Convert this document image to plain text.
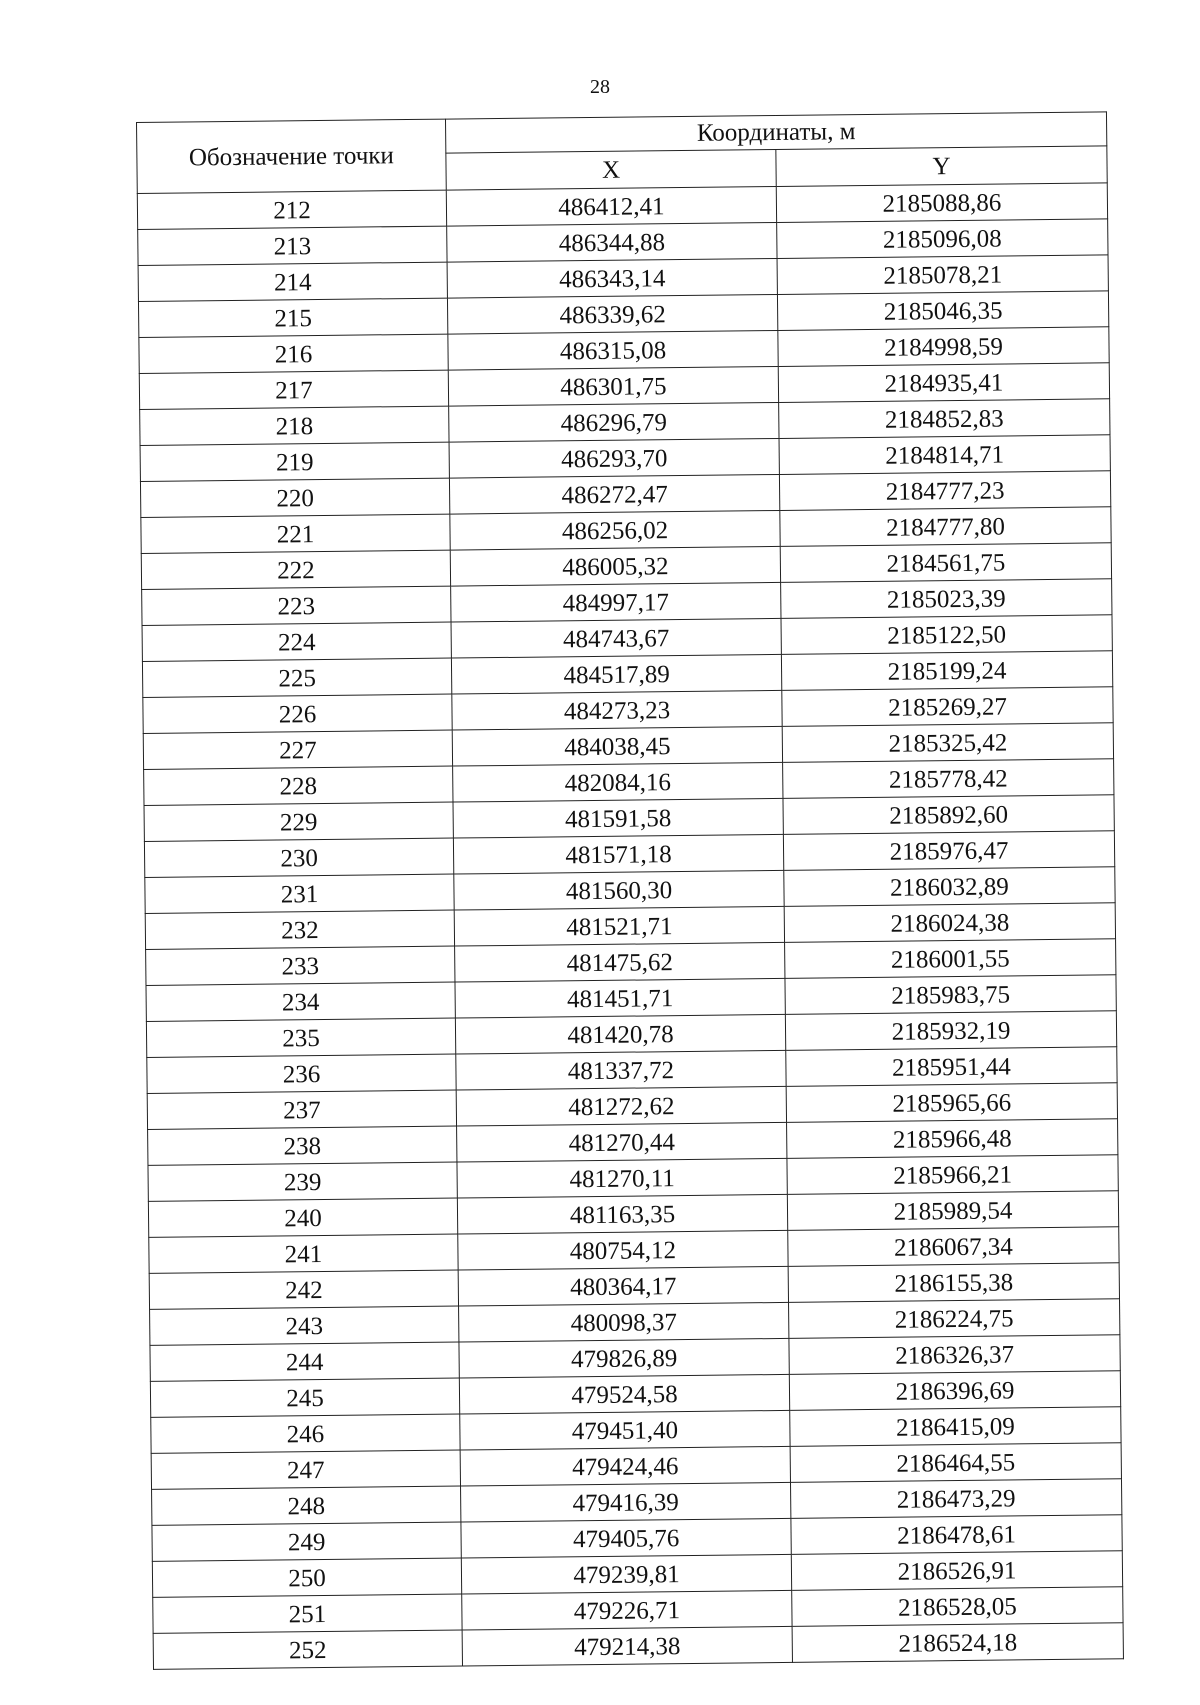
28
Обозначение точки	Координаты, м	
	X	Y
212	486412,41	2185088,86
213	486344,88	2185096,08
214	486343,14	2185078,21
215	486339,62	2185046,35
216	486315,08	2184998,59
217	486301,75	2184935,41
218	486296,79	2184852,83
219	486293,70	2184814,71
220	486272,47	2184777,23
221	486256,02	2184777,80
222	486005,32	2184561,75
223	484997,17	2185023,39
224	484743,67	2185122,50
225	484517,89	2185199,24
226	484273,23	2185269,27
227	484038,45	2185325,42
228	482084,16	2185778,42
229	481591,58	2185892,60
230	481571,18	2185976,47
231	481560,30	2186032,89
232	481521,71	2186024,38
233	481475,62	2186001,55
234	481451,71	2185983,75
235	481420,78	2185932,19
236	481337,72	2185951,44
237	481272,62	2185965,66
238	481270,44	2185966,48
239	481270,11	2185966,21
240	481163,35	2185989,54
241	480754,12	2186067,34
242	480364,17	2186155,38
243	480098,37	2186224,75
244	479826,89	2186326,37
245	479524,58	2186396,69
246	479451,40	2186415,09
247	479424,46	2186464,55
248	479416,39	2186473,29
249	479405,76	2186478,61
250	479239,81	2186526,91
251	479226,71	2186528,05
252	479214,38	2186524,18
